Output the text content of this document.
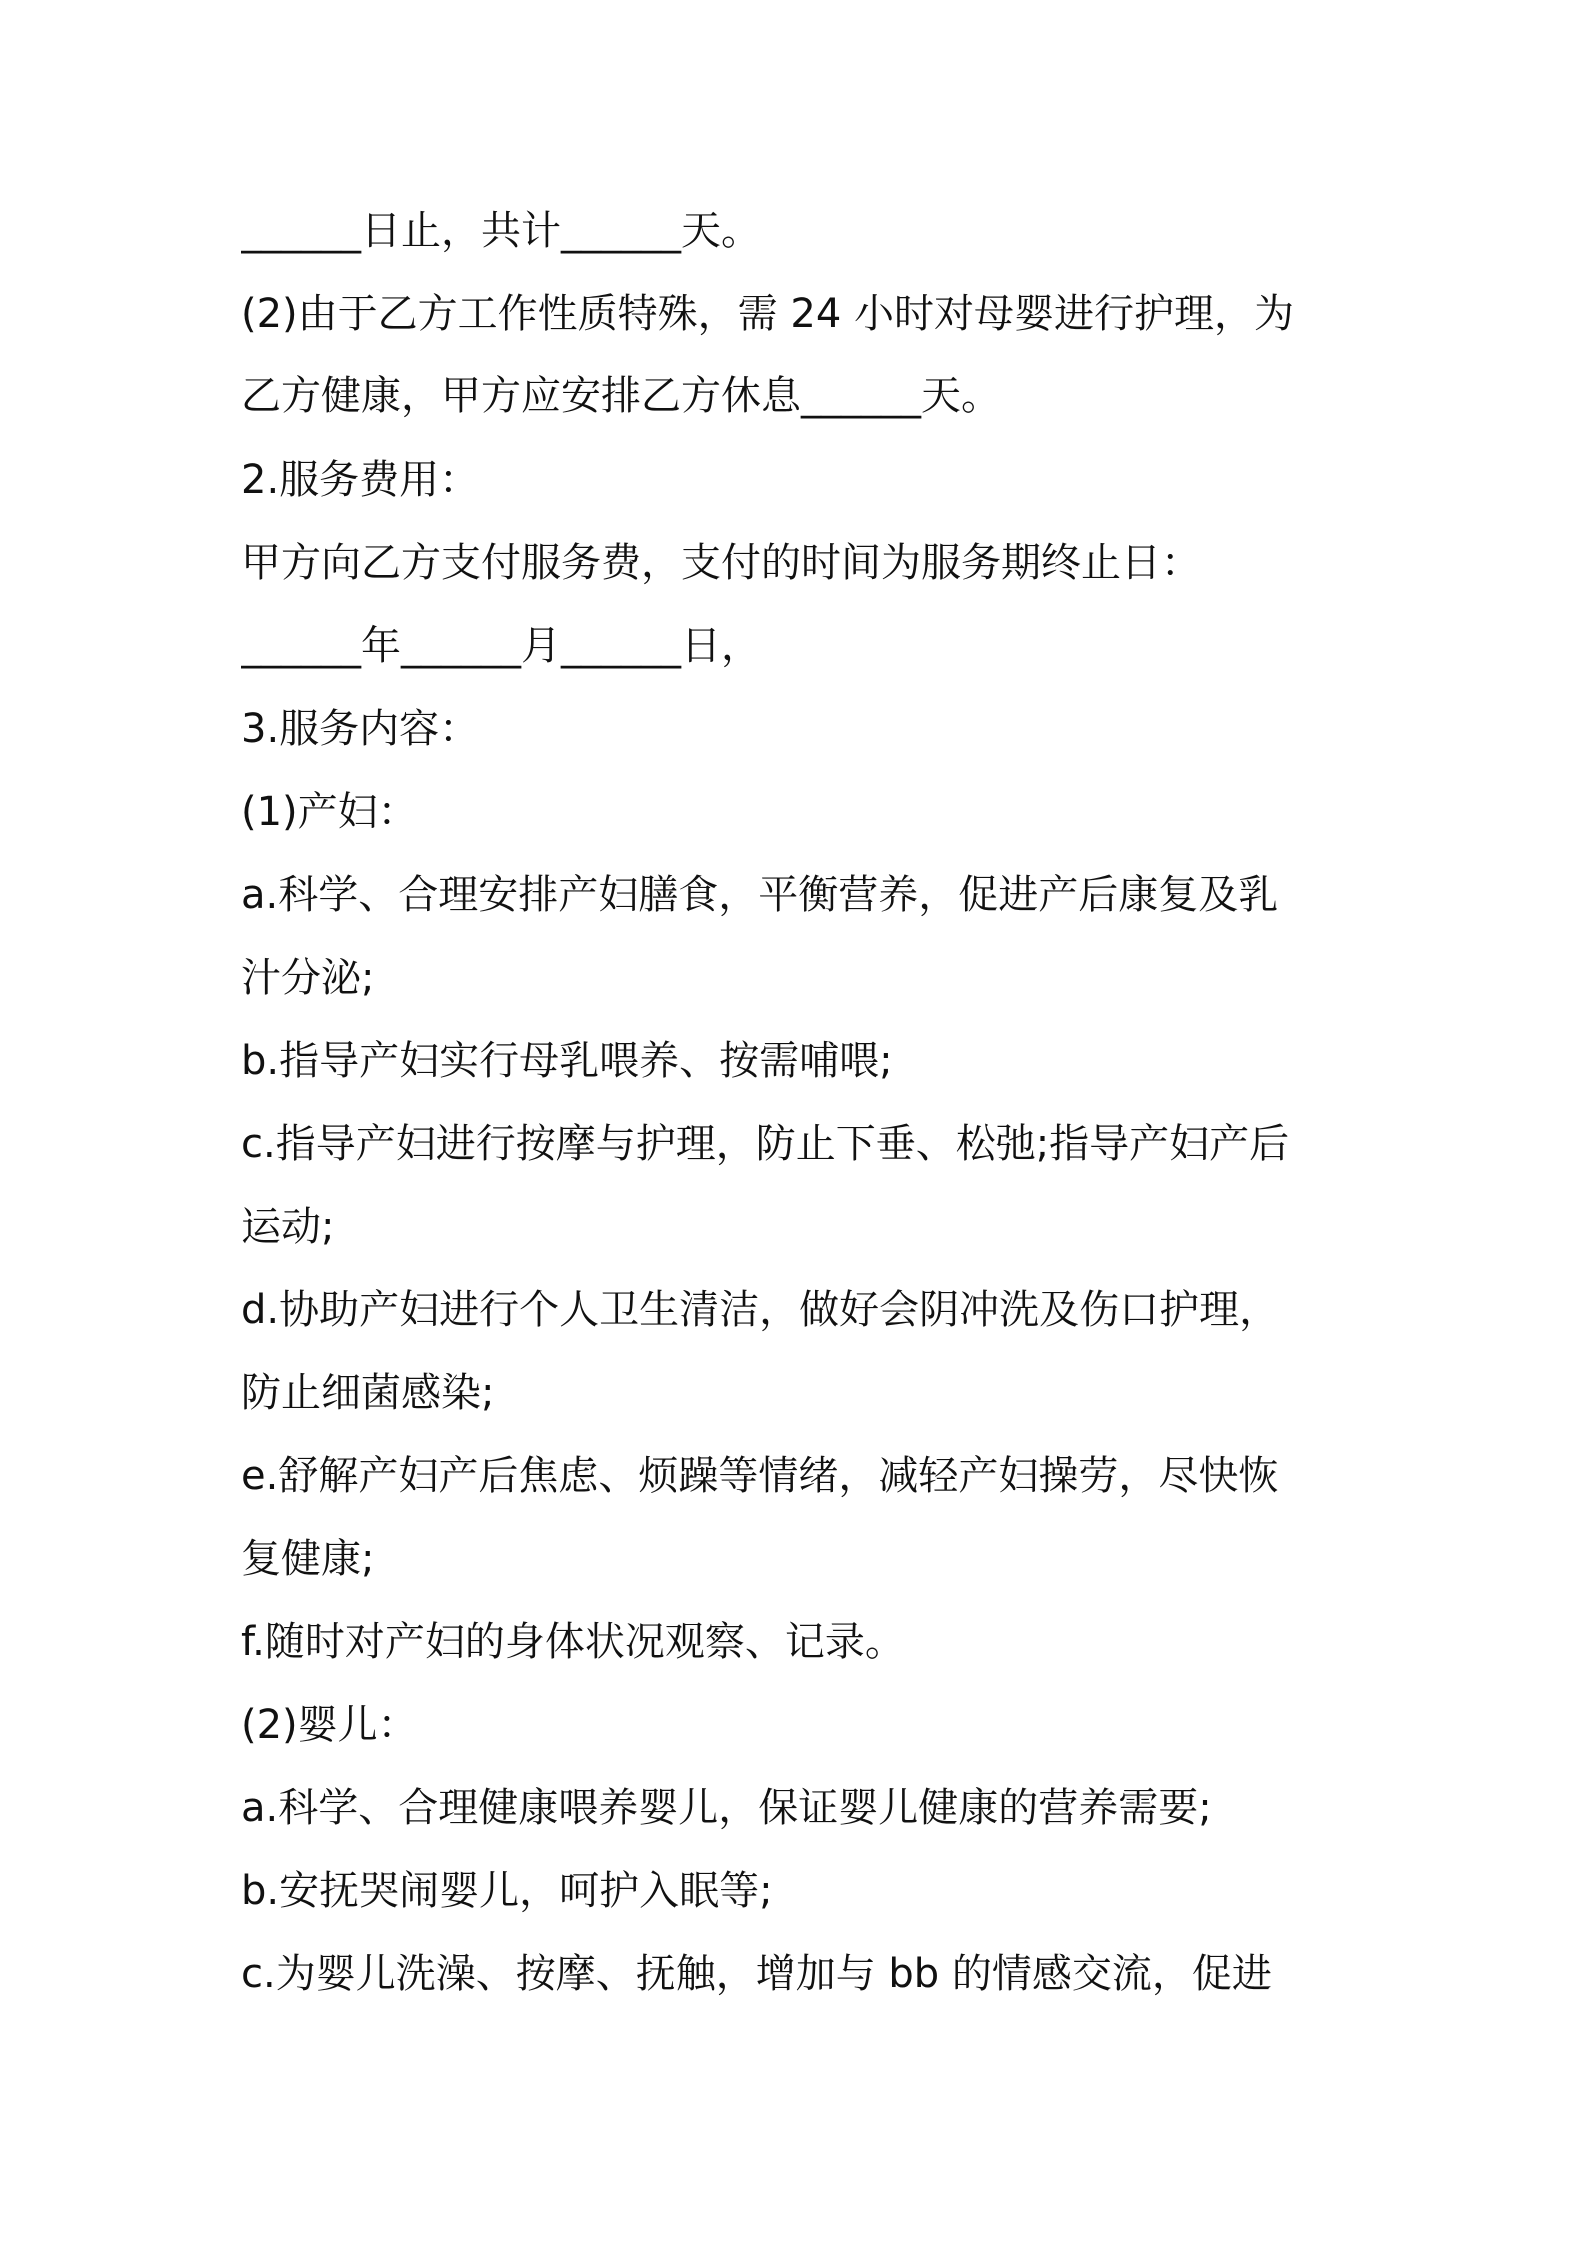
______日止，共计______天。
(2)由于乙方工作性质特殊，需 24 小时对母婴进行护理，为
乙方健康，甲方应安排乙方休息______天。
2.服务费用：
甲方向乙方支付服务费，支付的时间为服务期终止日：
______年______月______日，
3.服务内容：
(1)产妇：
a.科学、合理安排产妇膳食，平衡营养，促进产后康复及乳
汁分泌;
b.指导产妇实行母乳喂养、按需哺喂;
c.指导产妇进行按摩与护理，防止下垂、松弛;指导产妇产后
运动;
d.协助产妇进行个人卫生清洁，做好会阴冲洗及伤口护理，
防止细菌感染;
e.舒解产妇产后焦虑、烦躁等情绪，减轻产妇操劳，尽快恢
复健康;
f.随时对产妇的身体状况观察、记录。
(2)婴儿：
a.科学、合理健康喂养婴儿，保证婴儿健康的营养需要;
b.安抚哭闹婴儿，呵护入眠等;
c.为婴儿洗澡、按摩、抚触，增加与 bb 的情感交流，促进
